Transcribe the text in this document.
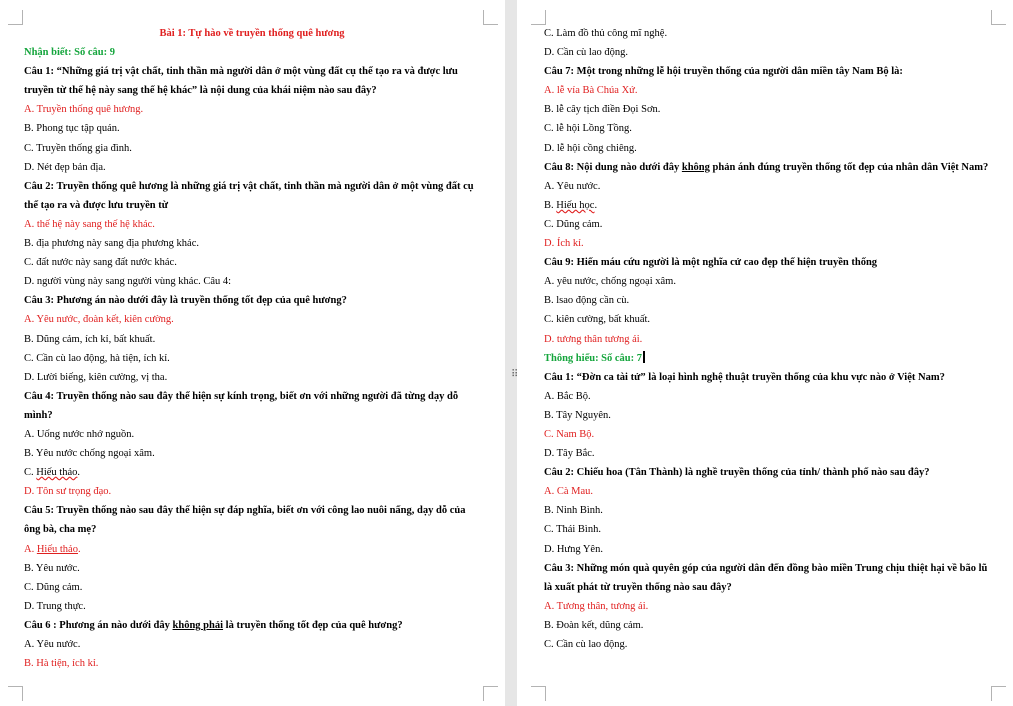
Bài 1: Tự hào về truyền thống quê hương
Nhận biết: Số câu: 9
Câu 1: “Những giá trị vật chất, tinh thần mà người dân ở một vùng đất cụ thể tạo ra và được lưu truyền từ thế hệ này sang thế hệ khác” là nội dung của khái niệm nào sau đây?
A. Truyền thống quê hương.
B. Phong tục tập quán.
C. Truyền thống gia đình.
D. Nét đẹp bản địa.
Câu 2: Truyền thống quê hương là những giá trị vật chất, tinh thần mà người dân ở một vùng đất cụ thể tạo ra và được lưu truyền từ
A. thế hệ này sang thế hệ khác.
B. địa phương này sang địa phương khác.
C. đất nước này sang đất nước khác.
D. người vùng này sang người vùng khác. Câu 4:
Câu 3: Phương án nào dưới đây là truyền thống tốt đẹp của quê hương?
A. Yêu nước, đoàn kết, kiên cường.
B. Dũng cảm, ích kỉ, bất khuất.
C. Cần cù lao động, hà tiện, ích kỉ.
D. Lười biếng, kiên cường, vị tha.
Câu 4: Truyền thống nào sau đây thể hiện sự kính trọng, biết ơn với những người đã từng dạy dỗ mình?
A. Uống nước nhớ nguồn.
B. Yêu nước chống ngoại xâm.
C. Hiếu thảo.
D. Tôn sư trọng đạo.
Câu 5: Truyền thống nào sau đây thể hiện sự đáp nghĩa, biết ơn với công lao nuôi nấng, dạy dỗ của ông bà, cha mẹ?
A. Hiếu thảo.
B. Yêu nước.
C. Dũng cảm.
D. Trung thực.
Câu 6 : Phương án nào dưới đây không phải là truyền thống tốt đẹp của quê hương?
A. Yêu nước.
B. Hà tiện, ích kỉ.
C. Làm đồ thủ công mĩ nghệ.
D. Cần cù lao động.
Câu 7: Một trong những lễ hội truyền thống của người dân miền tây Nam Bộ là:
A. lễ vía Bà Chúa Xứ.
B. lễ cây tịch điền Đọi Sơn.
C. lễ hội Lồng Tồng.
D. lễ hội cồng chiêng.
Câu 8: Nội dung nào dưới đây không phản ánh đúng truyền thống tốt đẹp của nhân dân Việt Nam?
A. Yêu nước.
B. Hiếu học.
C. Dũng cảm.
D. Ích kỉ.
Câu 9: Hiến máu cứu người là một nghĩa cử cao đẹp thể hiện truyền thống
A. yêu nước, chống ngoại xâm.
B. lsao động cần cù.
C. kiên cường, bất khuất.
D. tương thân tương ái.
Thông hiểu: Số câu: 7
Câu 1: “Đờn ca tài tử” là loại hình nghệ thuật truyền thống của khu vực nào ở Việt Nam?
A. Bắc Bộ.
B. Tây Nguyên.
C. Nam Bộ.
D. Tây Bắc.
Câu 2: Chiếu hoa (Tân Thành) là nghề truyền thống của tỉnh/ thành phố nào sau đây?
A. Cà Mau.
B. Ninh Bình.
C. Thái Bình.
D. Hưng Yên.
Câu 3: Những món quà quyên góp của người dân đến đồng bào miền Trung chịu thiệt hại về bão lũ là xuất phát từ truyền thống nào sau đây?
A. Tương thân, tương ái.
B. Đoàn kết, dũng cảm.
C. Cần cù lao động.
⠿
